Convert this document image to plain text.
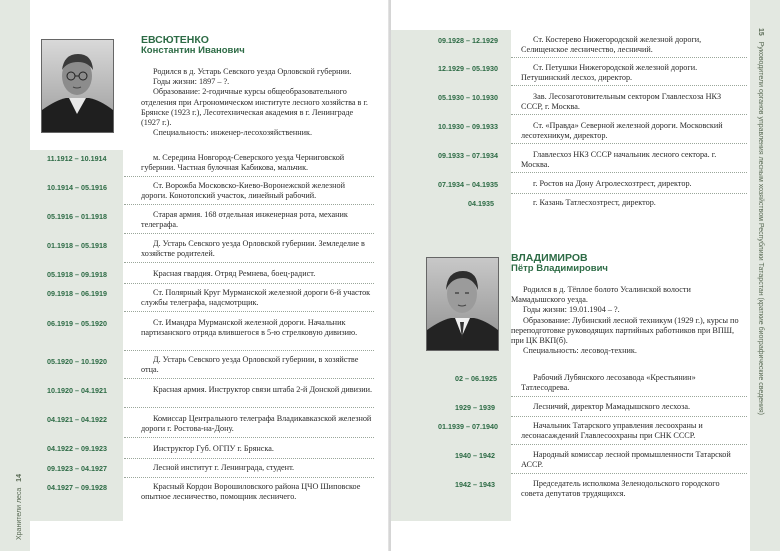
Хранители леса   14
ЕВСЮТЕНКО
Константин Иванович

Родился в д. Устарь Севского уезда Орловской губернии.

Годы жизни: 1897 – ?.

Образование: 2-годичные курсы общеобразовательного отделения при Агрономическом институте лесного хозяйства в г. Брянске (1923 г.), Лесотехническая академия в г. Ленинграде (1927 г.).

Специальность: инженер-лесохозяйственник.

11.1912 – 10.1914	м. Середина Новгород-Северского уезда Черниговской губернии. Частная булочная Кабикова, мальчик.
10.1914 – 05.1916	Ст. Ворожба Московско-Киево-Воронежской железной дороги. Конотопский участок, линейный рабочий.
05.1916 – 01.1918	Старая армия. 168 отдельная инженерная рота, механик телеграфа.
01.1918 – 05.1918	Д. Устарь Севского уезда Орловской губернии. Земледелие в хозяйстве родителей.
05.1918 – 09.1918	Красная гвардия. Отряд Ремнева, боец-радист.
09.1918 – 06.1919	Ст. Полярный Круг Мурманской железной дороги 6-й участок службы телеграфа, надсмотрщик.
06.1919 – 05.1920	Ст. Имандра Мурманской железной дороги. Начальник партизанского отряда влившегося в 5-ю стрелковую дивизию.
05.1920 – 10.1920	Д. Устарь Севского уезда Орловской губернии, в хозяйстве отца.
10.1920 – 04.1921	Красная армия. Инструктор связи штаба 2-й Донской дивизии.
04.1921 – 04.1922	Комиссар Центрального телеграфа Владикавказской железной дороги г. Ростова-на-Дону.
04.1922 – 09.1923	Инструктор Губ. ОГПУ г. Брянска.
09.1923 – 04.1927	Лесной институт г. Ленинграда, студент.
04.1927 – 09.1928	Красный Кордон Ворошиловского района ЦЧО Шиповское опытное лесничество, помощник лесничего.
15   Руководители органов управления лесным хозяйством Республики Татарстан (краткие биографические сведения)
09.1928 – 12.1929	Ст. Костерево Нижегородской железной дороги, Селищенское лесничество, лесничий.
12.1929 – 05.1930	Ст. Петушки Нижегородской железной дороги. Петушинский лесхоз, директор.
05.1930 – 10.1930	Зав. Лесозаготовительным сектором Главлесхоза НКЗ СССР, г. Москва.
10.1930 – 09.1933	Ст. «Правда» Северной железной дороги. Московский лесотехникум, директор.
09.1933 – 07.1934	Главлесхоз НКЗ СССР начальник лесного сектора. г. Москва.
07.1934 – 04.1935	г. Ростов на Дону Агролесхозтрест, директор.
04.1935	г. Казань Татлесхозтрест, директор.
ВЛАДИМИРОВ
Пётр Владимирович

Родился в д. Тёплое болото Усалинской волости Мамадышского уезда.

Годы жизни: 19.01.1904 – ?.

Образование: Лубинский лесной техникум (1929 г.), курсы по переподготовке руководящих партийных работников при ВПШ, при ЦК ВКП(б).

Специальность: лесовод-техник.

02 – 06.1925	Рабочий Лубянского лесозавода «Крестьянин» Татлесодрева.
1929 – 1939	Лесничий, директор Мамадышского лесхоза.
01.1939 – 07.1940	Начальник Татарского управления лесоохраны и лесонасаждений Главлесоохраны при СНК СССР.
1940 – 1942	Народный комиссар лесной промышленности Татарской АССР.
1942 – 1943	Председатель исполкома Зеленодольского городского совета депутатов трудящихся.
